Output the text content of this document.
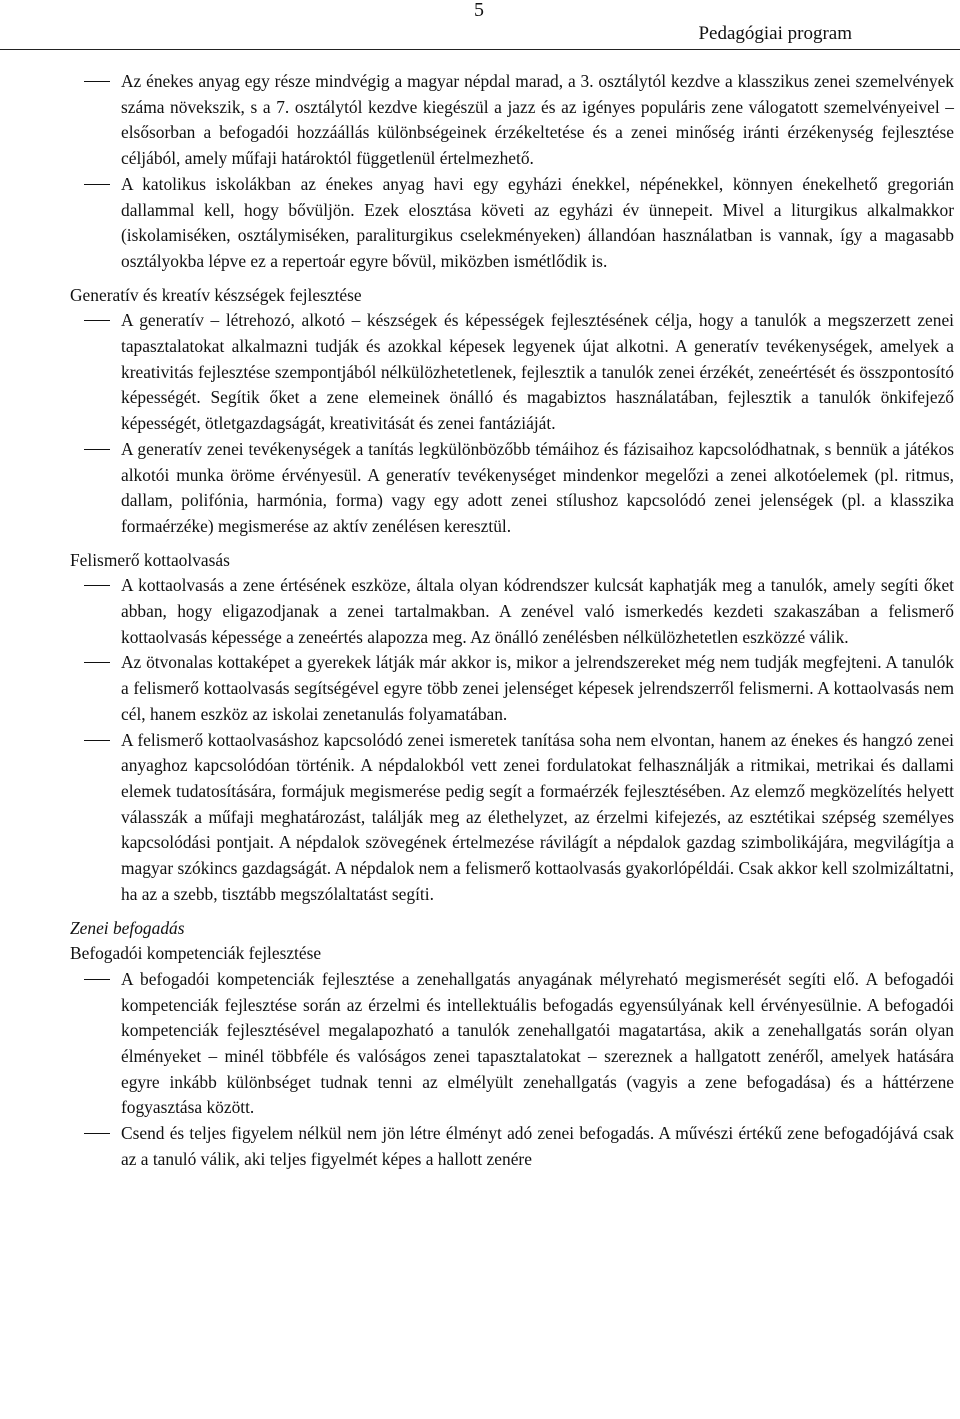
5
Pedagógiai program
Az énekes anyag egy része mindvégig a magyar népdal marad, a 3. osztálytól kezdve a klasszikus zenei szemelvények száma növekszik, s a 7. osztálytól kezdve kiegészül a jazz és az igényes populáris zene válogatott szemelvényeivel ‒ elsősorban a befogadói hozzáállás különbségeinek érzékeltetése és a zenei minőség iránti érzékenység fejlesztése céljából, amely műfaji határoktól függetlenül értelmezhető.
A katolikus iskolákban az énekes anyag havi egy egyházi énekkel, népénekkel, könnyen énekelhető gregorián dallammal kell, hogy bővüljön. Ezek elosztása követi az egyházi év ünnepeit. Mivel a liturgikus alkalmakkor (iskolamiséken, osztálymiséken, paraliturgikus cselekményeken) állandóan használatban is vannak, így a magasabb osztályokba lépve ez a repertoár egyre bővül, miközben ismétlődik is.

Generatív és kreatív készségek fejlesztése

A generatív ‒ létrehozó, alkotó ‒ készségek és képességek fejlesztésének célja, hogy a tanulók a megszerzett zenei tapasztalatokat alkalmazni tudják és azokkal képesek legyenek újat alkotni. A generatív tevékenységek, amelyek a kreativitás fejlesztése szempontjából nélkülözhetetlenek, fejlesztik a tanulók zenei érzékét, zeneértését és összpontosító képességét. Segítik őket a zene elemeinek önálló és magabiztos használatában, fejlesztik a tanulók önkifejező képességét, ötletgazdagságát, kreativitását és zenei fantáziáját.
A generatív zenei tevékenységek a tanítás legkülönbözőbb témáihoz és fázisaihoz kapcsolódhatnak, s bennük a játékos alkotói munka öröme érvényesül. A generatív tevékenységet mindenkor megelőzi a zenei alkotóelemek (pl. ritmus, dallam, polifónia, harmónia, forma) vagy egy adott zenei stílushoz kapcsolódó zenei jelenségek (pl. a klasszika formaérzéke) megismerése az aktív zenélésen keresztül.

Felismerő kottaolvasás

A kottaolvasás a zene értésének eszköze, általa olyan kódrendszer kulcsát kaphatják meg a tanulók, amely segíti őket abban, hogy eligazodjanak a zenei tartalmakban. A zenével való ismerkedés kezdeti szakaszában a felismerő kottaolvasás képessége a zeneértés alapozza meg. Az önálló zenélésben nélkülözhetetlen eszközzé válik.
Az ötvonalas kottaképet a gyerekek látják már akkor is, mikor a jelrendszereket még nem tudják megfejteni. A tanulók a felismerő kottaolvasás segítségével egyre több zenei jelenséget képesek jelrendszerről felismerni. A kottaolvasás nem cél, hanem eszköz az iskolai zenetanulás folyamatában.
A felismerő kottaolvasáshoz kapcsolódó zenei ismeretek tanítása soha nem elvontan, hanem az énekes és hangzó zenei anyaghoz kapcsolódóan történik. A népdalokból vett zenei fordulatokat felhasználják a ritmikai, metrikai és dallami elemek tudatosítására, formájuk megismerése pedig segít a formaérzék fejlesztésében. Az elemző megközelítés helyett válasszák a műfaji meghatározást, találják meg az élethelyzet, az érzelmi kifejezés, az esztétikai szépség személyes kapcsolódási pontjait. A népdalok szövegének értelmezése rávilágít a népdalok gazdag szimbolikájára, megvilágítja a magyar szókincs gazdagságát. A népdalok nem a felismerő kottaolvasás gyakorlópéldái. Csak akkor kell szolmizáltatni, ha az a szebb, tisztább megszólaltatást segíti.

Zenei befogadás

Befogadói kompetenciák fejlesztése

A befogadói kompetenciák fejlesztése a zenehallgatás anyagának mélyreható megismerését segíti elő. A befogadói kompetenciák fejlesztése során az érzelmi és intellektuális befogadás egyensúlyának kell érvényesülnie. A befogadói kompetenciák fejlesztésével megalapozható a tanulók zenehallgatói magatartása, akik a zenehallgatás során olyan élményeket ‒ minél többféle és valóságos zenei tapasztalatokat ‒ szereznek a hallgatott zenéről, amelyek hatására egyre inkább különbséget tudnak tenni az elmélyült zenehallgatás (vagyis a zene befogadása) és a háttérzene fogyasztása között.
Csend és teljes figyelem nélkül nem jön létre élményt adó zenei befogadás. A művészi értékű zene befogadójává csak az a tanuló válik, aki teljes figyelmét képes a hallott zenére
